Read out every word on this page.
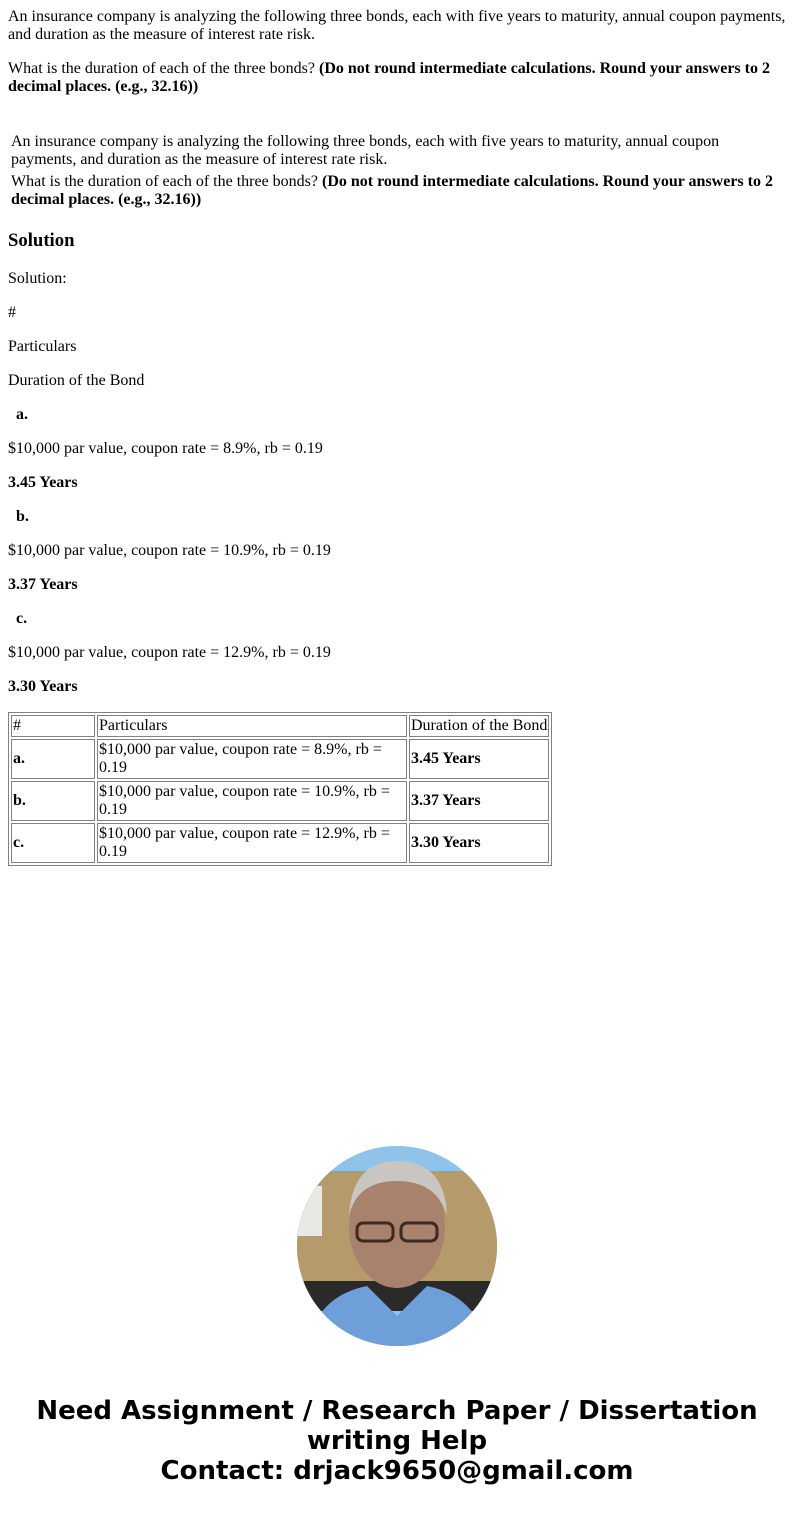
An insurance company is analyzing the following three bonds, each with five years to maturity, annual coupon payments, and duration as the measure of interest rate risk.

What is the duration of each of the three bonds? (Do not round intermediate calculations. Round your answers to 2 decimal places. (e.g., 32.16))

An insurance company is analyzing the following three bonds, each with five years to maturity, annual coupon payments, and duration as the measure of interest rate risk.
What is the duration of each of the three bonds? (Do not round intermediate calculations. Round your answers to 2 decimal places. (e.g., 32.16))
Solution

Solution:

#

Particulars

Duration of the Bond

a.

$10,000 par value, coupon rate = 8.9%, rb = 0.19

3.45 Years

b.

$10,000 par value, coupon rate = 10.9%, rb = 0.19

3.37 Years

c.

$10,000 par value, coupon rate = 12.9%, rb = 0.19

3.30 Years

#	Particulars	Duration of the Bond
a.	$10,000 par value, coupon rate = 8.9%, rb = 0.19	3.45 Years
b.	$10,000 par value, coupon rate = 10.9%, rb = 0.19	3.37 Years
c.	$10,000 par value, coupon rate = 12.9%, rb = 0.19	3.30 Years
Need Assignment / Research Paper / Dissertation writing Help
Contact: drjack9650@gmail.com
